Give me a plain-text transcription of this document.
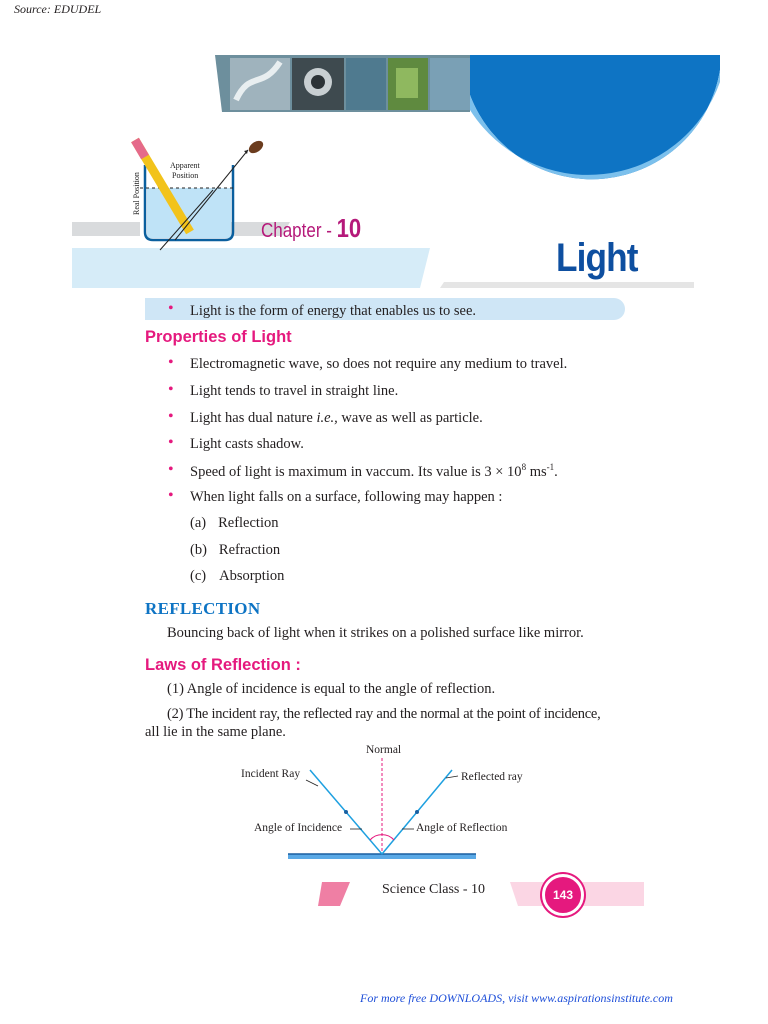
Source: EDUDEL
Apparent
Position
Real Position
Chapter - 10
Light
• Light is the form of energy that enables us to see.
Properties of Light
• Electromagnetic wave, so does not require any medium to travel.
• Light tends to travel in straight line.
• Light has dual nature i.e., wave as well as particle.
• Light casts shadow.
• Speed of light is maximum in vaccum. Its value is $3 \times 10^8$ $ms^{-1}$.
• When light falls on a surface, following may happen :
(a) Reflection
(b) Refraction
(c) Absorption
REFLECTION
Bouncing back of light when it strikes on a polished surface like mirror.
Laws of Reflection :
(1) Angle of incidence is equal to the angle of reflection.
(2) The incident ray, the reflected ray and the normal at the point of incidence,
all lie in the same plane.
Normal
Incident Ray	Reflected ray
Angle of Incidence	Angle of Reflection
Science Class - 10	143
For more free DOWNLOADS, visit www.aspirationsinstitute.com
